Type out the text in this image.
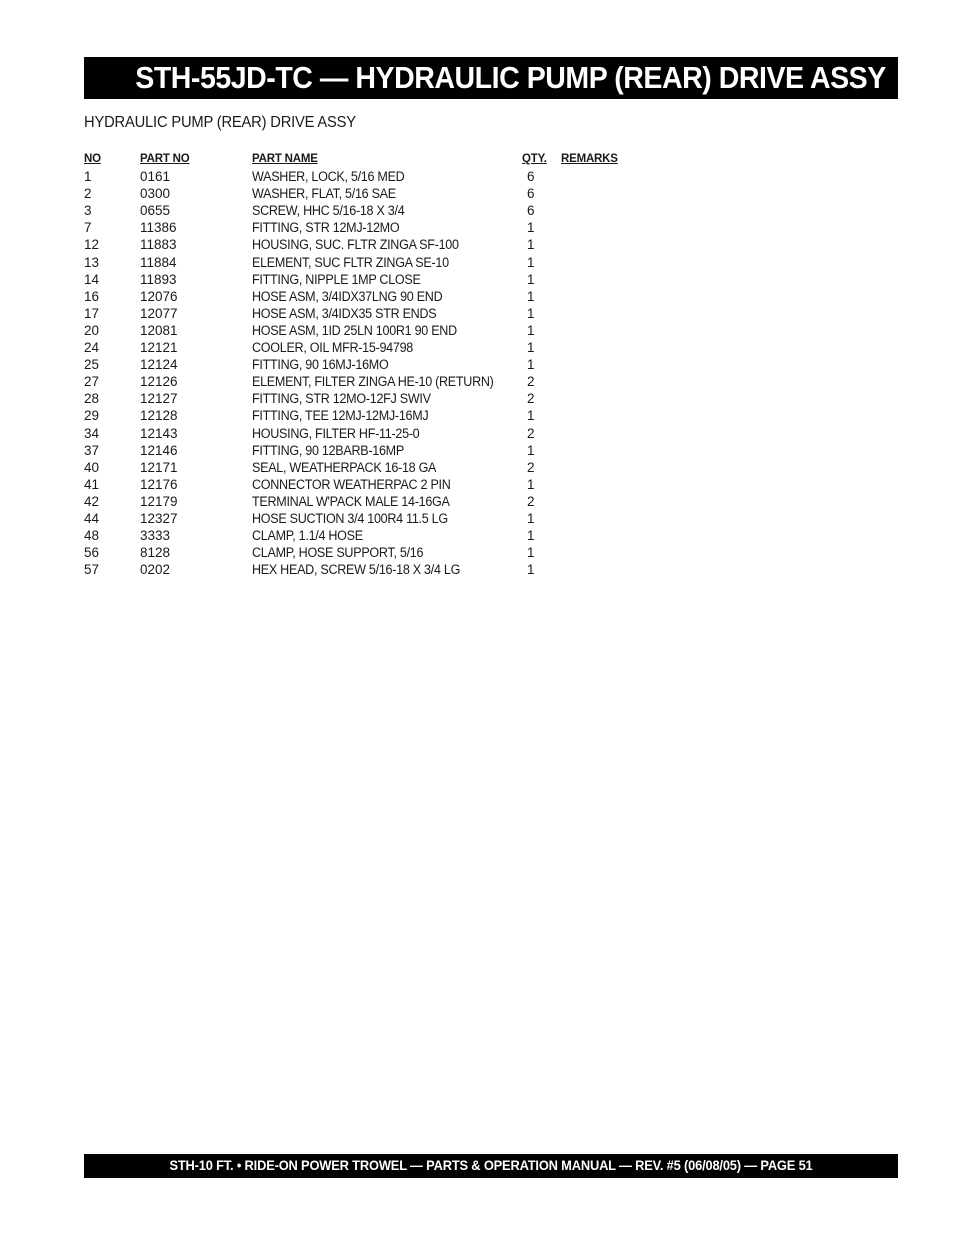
STH-55JD-TC — HYDRAULIC PUMP (REAR) DRIVE ASSY
HYDRAULIC PUMP (REAR) DRIVE ASSY
NO	PART NO	PART NAME	QTY. REMARKS
1	0161	WASHER, LOCK, 5/16 MED	6
2	0300	WASHER, FLAT, 5/16 SAE	6
3	0655	SCREW, HHC 5/16-18 X 3/4	6
7	11386	FITTING, STR 12MJ-12MO	1
12	11883	HOUSING, SUC. FLTR ZINGA SF-100	1
13	11884	ELEMENT, SUC FLTR ZINGA SE-10	1
14	11893	FITTING, NIPPLE 1MP CLOSE	1
16	12076	HOSE ASM, 3/4IDX37LNG 90 END	1
17	12077	HOSE ASM, 3/4IDX35 STR ENDS	1
20	12081	HOSE ASM, 1ID 25LN 100R1 90 END	1
24	12121	COOLER, OIL MFR-15-94798	1
25	12124	FITTING, 90 16MJ-16MO	1
27	12126	ELEMENT, FILTER ZINGA HE-10 (RETURN) 2
28	12127	FITTING, STR 12MO-12FJ SWIV	2
29	12128	FITTING, TEE 12MJ-12MJ-16MJ	1
34	12143	HOUSING, FILTER HF-11-25-0	2
37	12146	FITTING, 90 12BARB-16MP	1
40	12171	SEAL, WEATHERPACK 16-18 GA	2
41	12176	CONNECTOR WEATHERPAC 2 PIN	1
42	12179	TERMINAL W'PACK MALE 14-16GA	2
44	12327	HOSE SUCTION 3/4 100R4 11.5 LG	1
48	3333	CLAMP, 1.1/4 HOSE	1
56	8128	CLAMP, HOSE SUPPORT, 5/16	1
57	0202	HEX HEAD, SCREW 5/16-18 X 3/4 LG	1
STH-10 FT. • RIDE-ON POWER TROWEL — PARTS & OPERATION MANUAL — REV. #5 (06/08/05) — PAGE 51
